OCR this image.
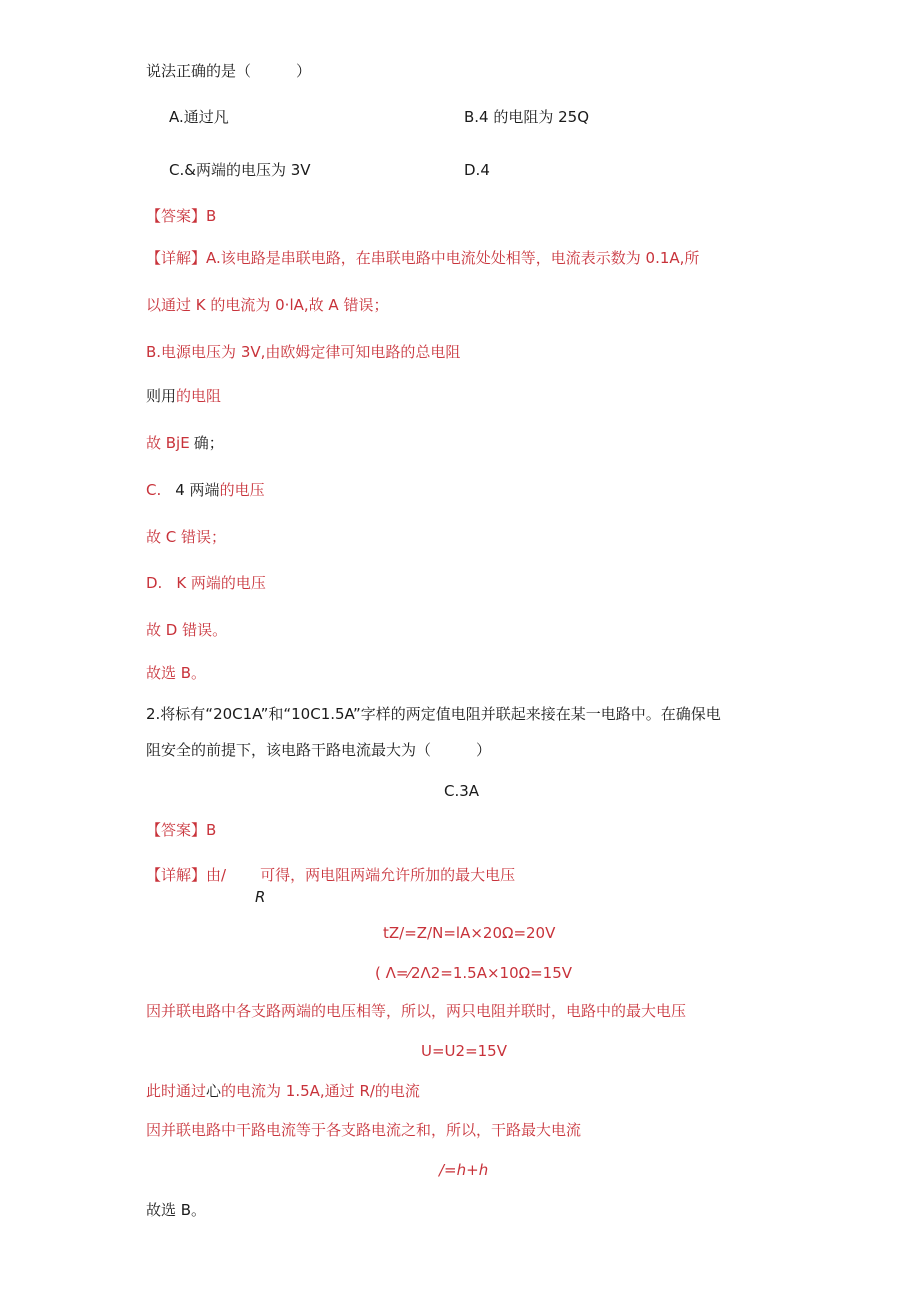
说法正确的是（　　　）
A.通过凡	B.4 的电阻为 25Q
C.&两端的电压为 3V	D.4
【答案】B
【详解】A.该电路是串联电路，在串联电路中电流处处相等，电流表示数为 0.1A,所
以通过 K 的电流为 0·lA,故 A 错误；
B.电源电压为 3V,由欧姆定律可知电路的总电阻
则用的电阻
故 BjE 确；
C. 4 两端的电压
故 C 错误；
D. K 两端的电压
故 D 错误。
故选 B。
2.将标有“20C1A”和“10C1.5A”字样的两定值电阻并联起来接在某一电路中。在确保电
阻安全的前提下，该电路干路电流最大为（　　　）
C.3A
【答案】B
【详解】由/ 可得，两电阻两端允许所加的最大电压
R
tZ/=Z/N=lA×20Ω=20V
( Λ=⁄2Λ2=1.5A×10Ω=15V
因并联电路中各支路两端的电压相等，所以，两只电阻并联时，电路中的最大电压
U=U2=15V
此时通过心的电流为 1.5A,通过 R/的电流
因并联电路中干路电流等于各支路电流之和，所以，干路最大电流
/=h+h
故选 B。
